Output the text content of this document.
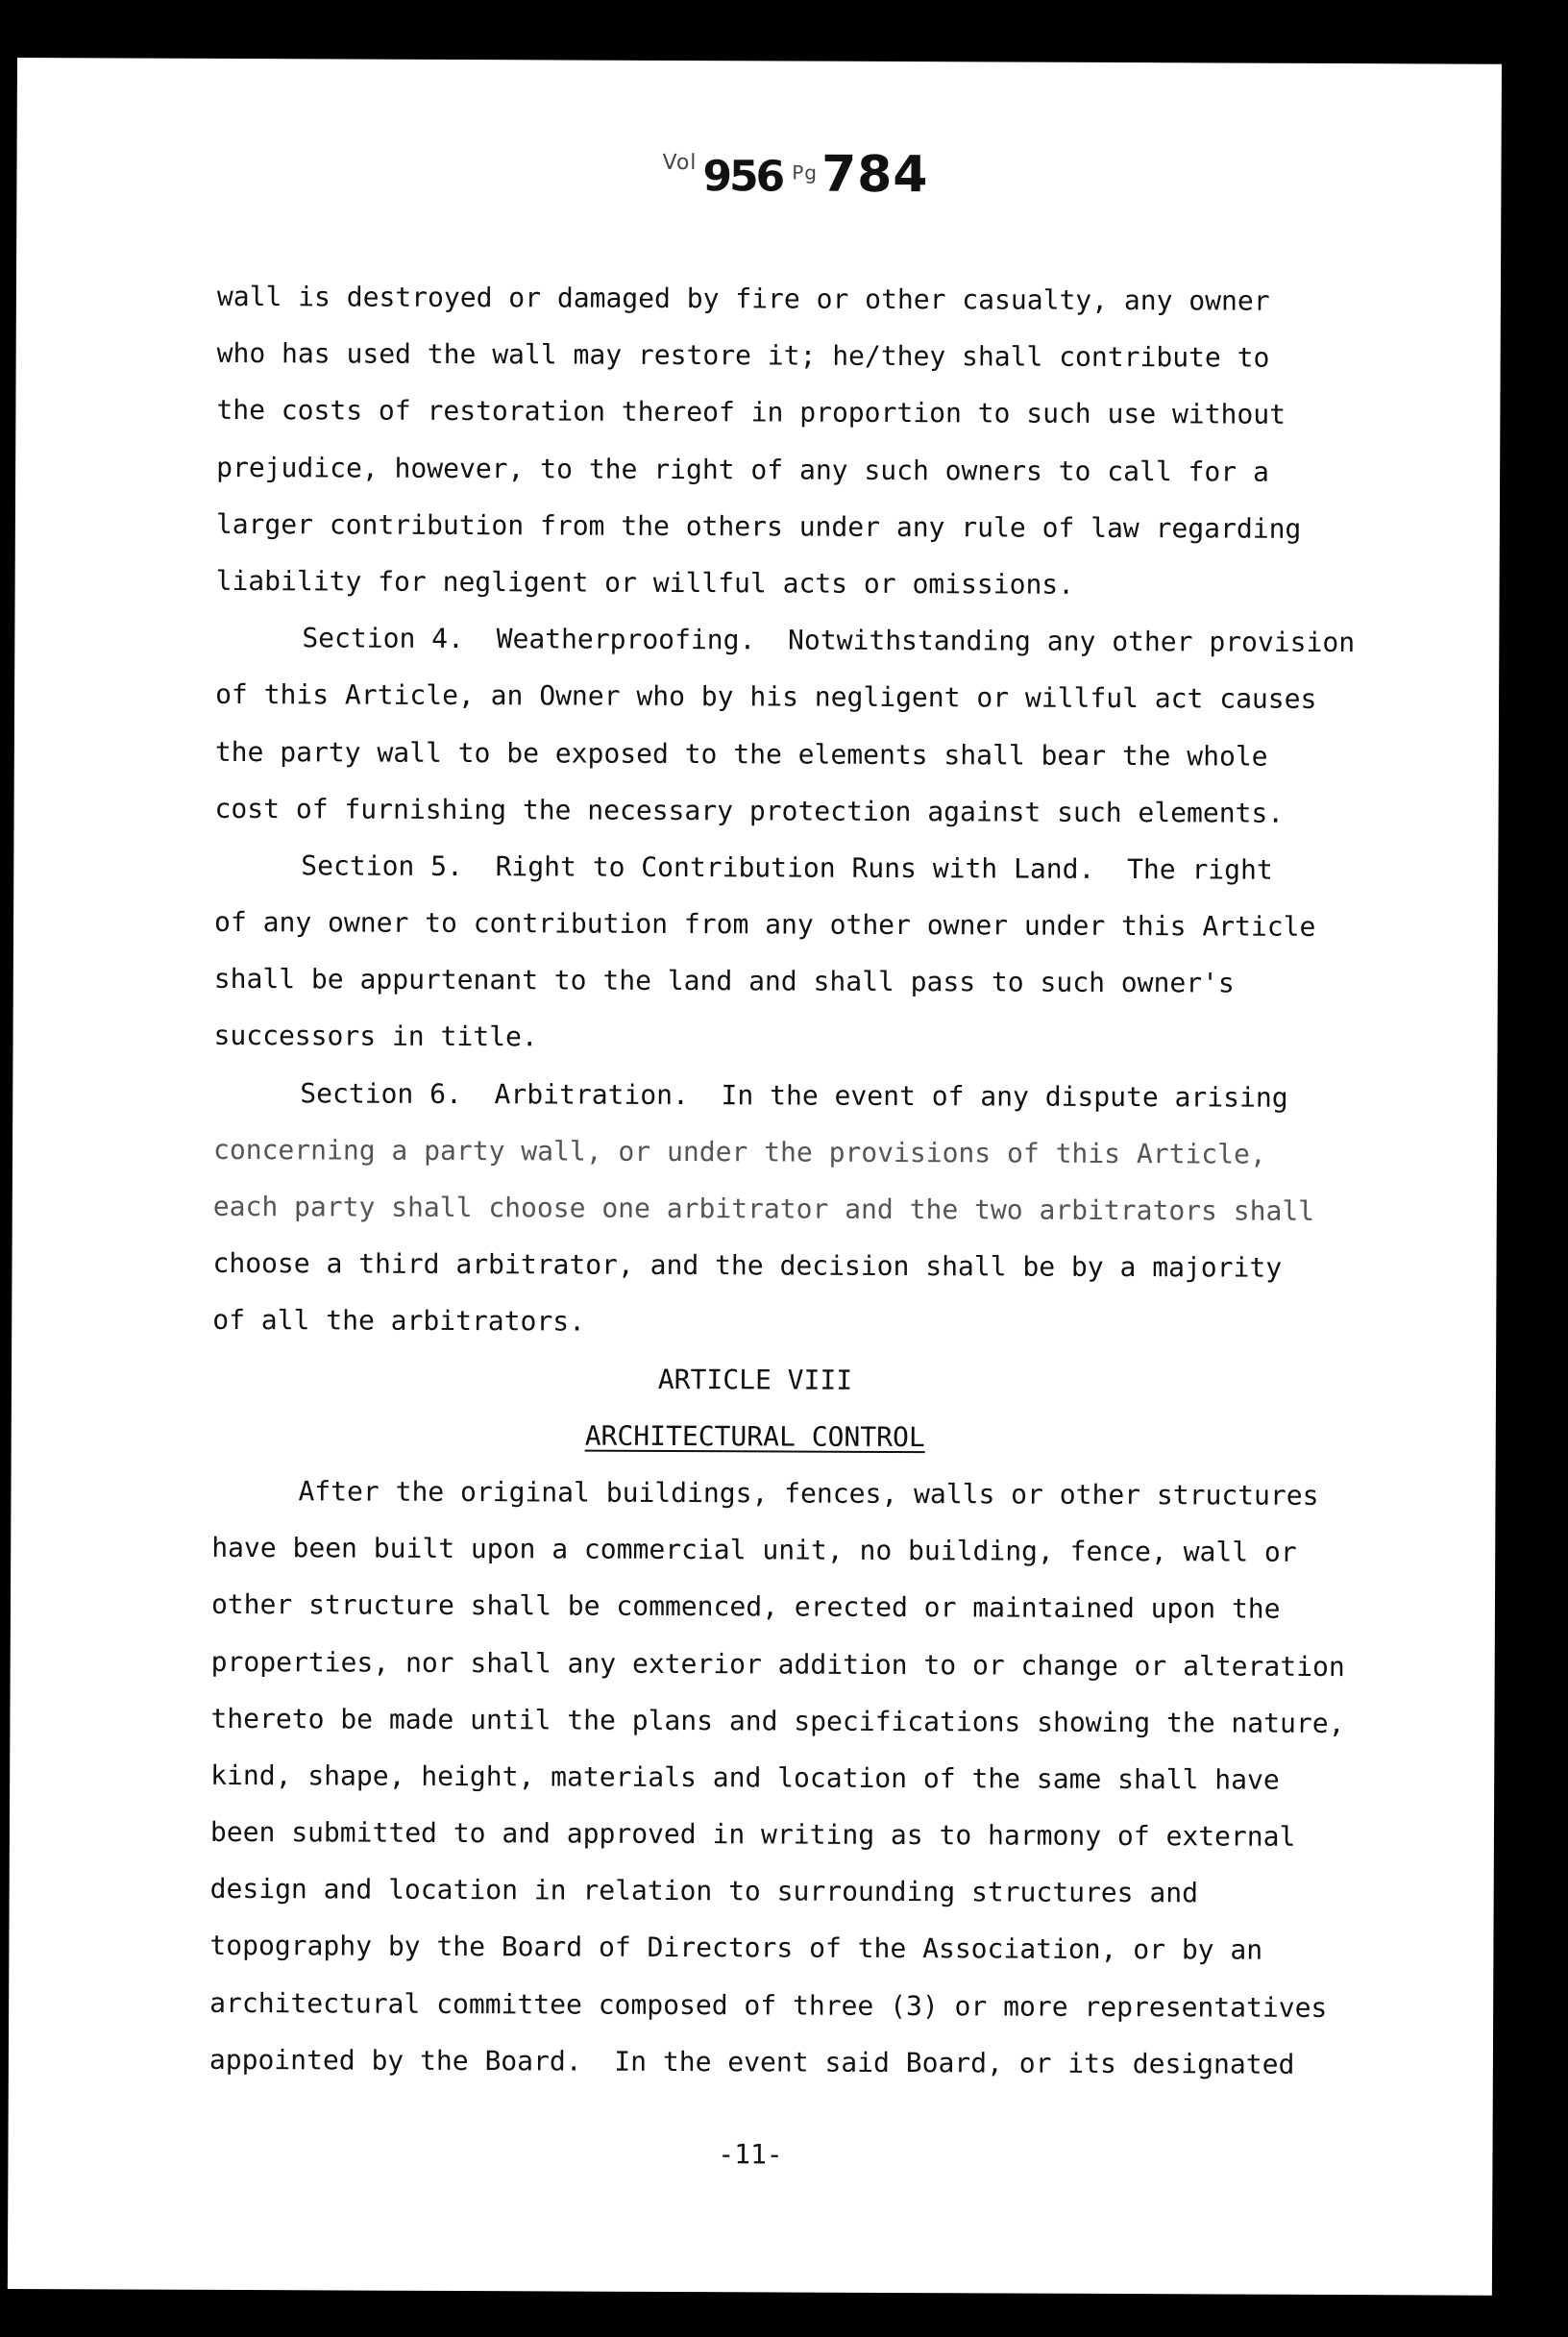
$^{Vol}$ 956 $^{Pg}$784
wall is destroyed or damaged by fire or other casualty, any owner
who has used the wall may restore it; he/they shall contribute to
the costs of restoration thereof in proportion to such use without
prejudice, however, to the right of any such owners to call for a
larger contribution from the others under any rule of law regarding
liability for negligent or willful acts or omissions.
Section 4.  Weatherproofing.  Notwithstanding any other provision
of this Article, an Owner who by his negligent or willful act causes
the party wall to be exposed to the elements shall bear the whole
cost of furnishing the necessary protection against such elements.
Section 5.  Right to Contribution Runs with Land.  The right
of any owner to contribution from any other owner under this Article
shall be appurtenant to the land and shall pass to such owner's
successors in title.
Section 6.  Arbitration.  In the event of any dispute arising
concerning a party wall, or under the provisions of this Article,
each party shall choose one arbitrator and the two arbitrators shall
choose a third arbitrator, and the decision shall be by a majority
of all the arbitrators.
ARTICLE VIII
ARCHITECTURAL CONTROL
After the original buildings, fences, walls or other structures
have been built upon a commercial unit, no building, fence, wall or
other structure shall be commenced, erected or maintained upon the
properties, nor shall any exterior addition to or change or alteration
thereto be made until the plans and specifications showing the nature,
kind, shape, height, materials and location of the same shall have
been submitted to and approved in writing as to harmony of external
design and location in relation to surrounding structures and
topography by the Board of Directors of the Association, or by an
architectural committee composed of three (3) or more representatives
appointed by the Board.  In the event said Board, or its designated
-11-
